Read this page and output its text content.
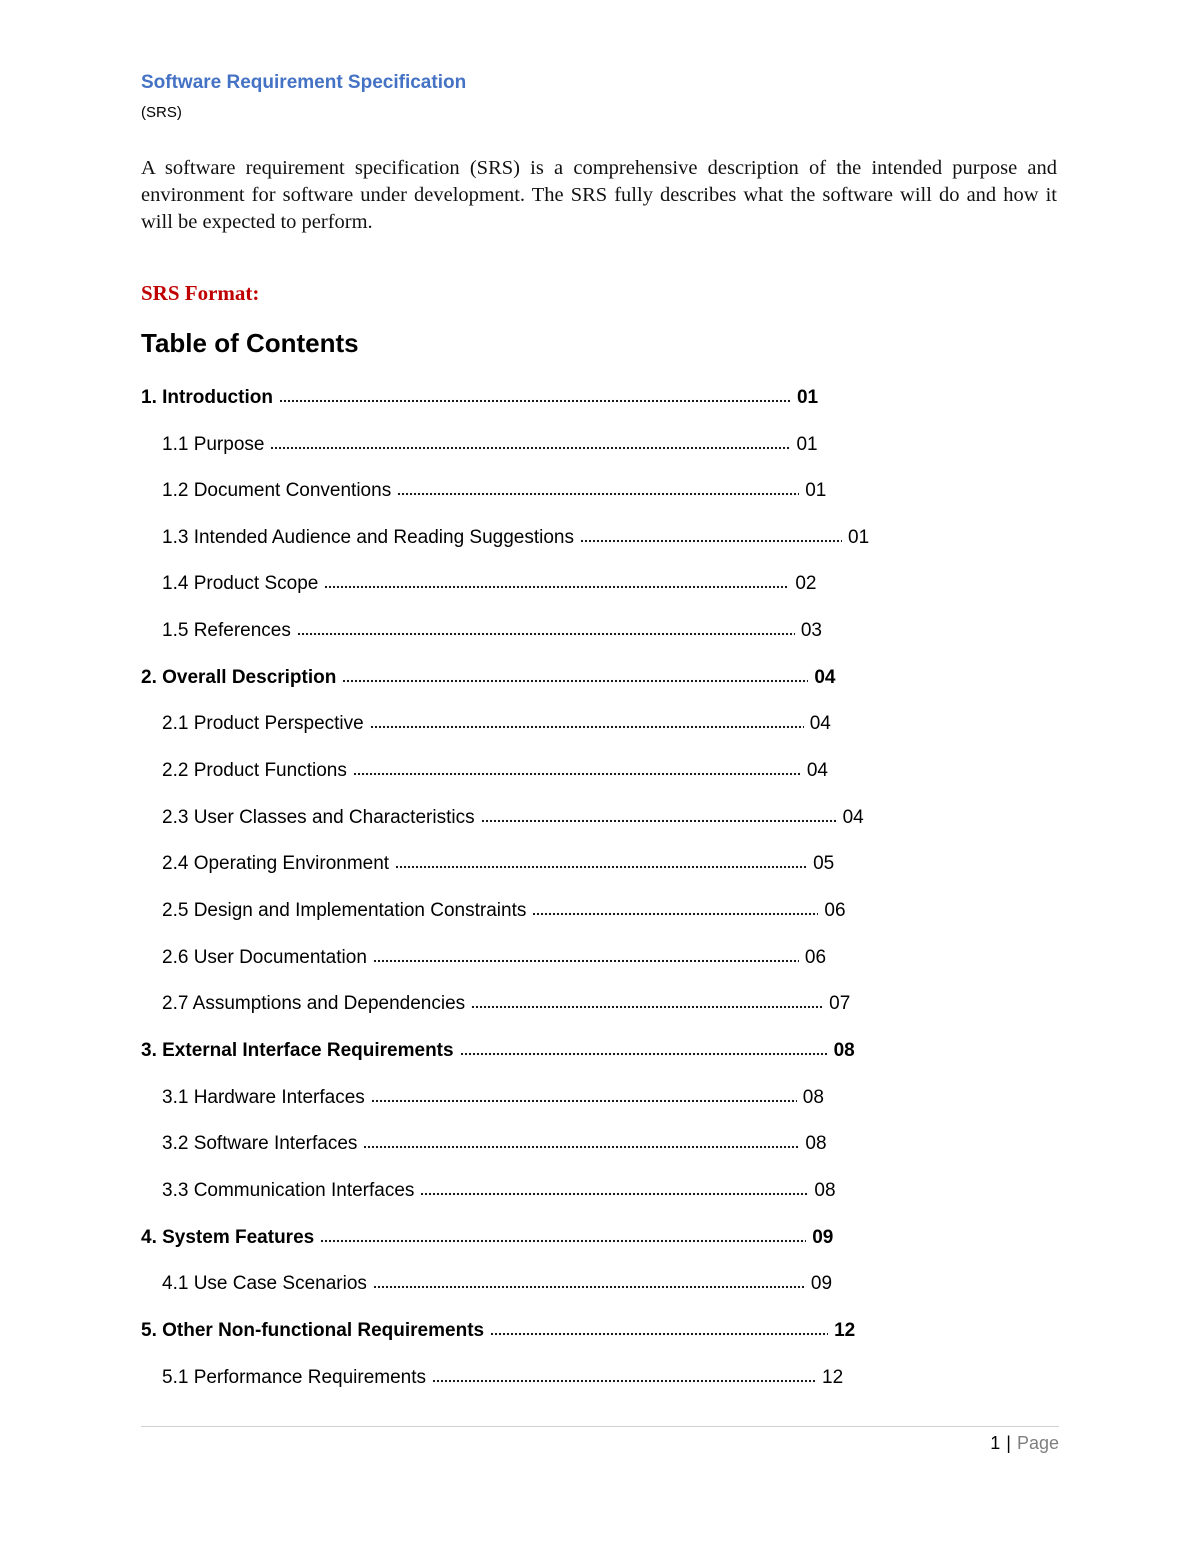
Software Requirement Specification
(SRS)

A software requirement specification (SRS) is a comprehensive description of the intended purpose and environment for software under development. The SRS fully describes what the software will do and how it will be expected to perform.

SRS Format:
Table of Contents
1. Introduction	01
1.1 Purpose	01
1.2 Document Conventions	01
1.3 Intended Audience and Reading Suggestions	01
1.4 Product Scope	02
1.5 References	03
2. Overall Description	04
2.1 Product Perspective	04
2.2 Product Functions	04
2.3 User Classes and Characteristics	04
2.4 Operating Environment	05
2.5 Design and Implementation Constraints	06
2.6 User Documentation	06
2.7 Assumptions and Dependencies	07
3. External Interface Requirements	08
3.1 Hardware Interfaces	08
3.2 Software Interfaces	08
3.3 Communication Interfaces	08
4. System Features	09
4.1 Use Case Scenarios	09
5. Other Non-functional Requirements	12
5.1 Performance Requirements	12
1 | Page
